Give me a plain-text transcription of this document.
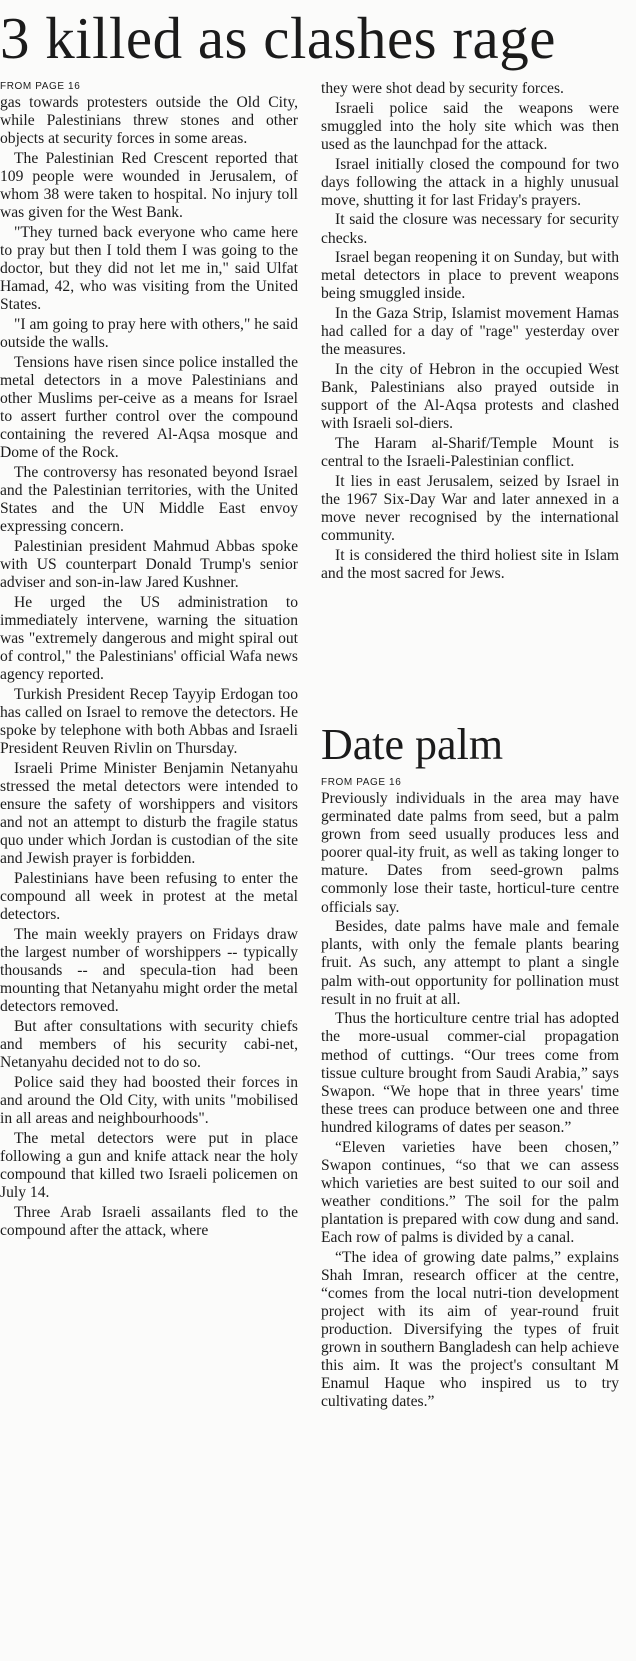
3 killed as clashes rage
FROM PAGE 16

gas towards protesters outside the Old City, while Palestinians threw stones and other objects at security forces in some areas.

The Palestinian Red Crescent reported that 109 people were wounded in Jerusalem, of whom 38 were taken to hospital. No injury toll was given for the West Bank.

"They turned back everyone who came here to pray but then I told them I was going to the doctor, but they did not let me in," said Ulfat Hamad, 42, who was visiting from the United States.

"I am going to pray here with others," he said outside the walls.

Tensions have risen since police installed the metal detectors in a move Palestinians and other Muslims per-ceive as a means for Israel to assert further control over the compound containing the revered Al-Aqsa mosque and Dome of the Rock.

The controversy has resonated beyond Israel and the Palestinian territories, with the United States and the UN Middle East envoy expressing concern.

Palestinian president Mahmud Abbas spoke with US counterpart Donald Trump's senior adviser and son-in-law Jared Kushner.

He urged the US administration to immediately intervene, warning the situation was "extremely dangerous and might spiral out of control," the Palestinians' official Wafa news agency reported.

Turkish President Recep Tayyip Erdogan too has called on Israel to remove the detectors. He spoke by telephone with both Abbas and Israeli President Reuven Rivlin on Thursday.

Israeli Prime Minister Benjamin Netanyahu stressed the metal detectors were intended to ensure the safety of worshippers and visitors and not an attempt to disturb the fragile status quo under which Jordan is custodian of the site and Jewish prayer is forbidden.

Palestinians have been refusing to enter the compound all week in protest at the metal detectors.

The main weekly prayers on Fridays draw the largest number of worshippers -- typically thousands -- and specula-tion had been mounting that Netanyahu might order the metal detectors removed.

But after consultations with security chiefs and members of his security cabi-net, Netanyahu decided not to do so.

Police said they had boosted their forces in and around the Old City, with units "mobilised in all areas and neighbourhoods".

The metal detectors were put in place following a gun and knife attack near the holy compound that killed two Israeli policemen on July 14.

Three Arab Israeli assailants fled to the compound after the attack, where

they were shot dead by security forces.

Israeli police said the weapons were smuggled into the holy site which was then used as the launchpad for the attack.

Israel initially closed the compound for two days following the attack in a highly unusual move, shutting it for last Friday's prayers.

It said the closure was necessary for security checks.

Israel began reopening it on Sunday, but with metal detectors in place to prevent weapons being smuggled inside.

In the Gaza Strip, Islamist movement Hamas had called for a day of "rage" yesterday over the measures.

In the city of Hebron in the occupied West Bank, Palestinians also prayed outside in support of the Al-Aqsa protests and clashed with Israeli sol-diers.

The Haram al-Sharif/Temple Mount is central to the Israeli-Palestinian conflict.

It lies in east Jerusalem, seized by Israel in the 1967 Six-Day War and later annexed in a move never recognised by the international community.

It is considered the third holiest site in Islam and the most sacred for Jews.

Date palm
FROM PAGE 16

Previously individuals in the area may have germinated date palms from seed, but a palm grown from seed usually produces less and poorer qual-ity fruit, as well as taking longer to mature. Dates from seed-grown palms commonly lose their taste, horticul-ture centre officials say.

Besides, date palms have male and female plants, with only the female plants bearing fruit. As such, any attempt to plant a single palm with-out opportunity for pollination must result in no fruit at all.

Thus the horticulture centre trial has adopted the more-usual commer-cial propagation method of cuttings. “Our trees come from tissue culture brought from Saudi Arabia,” says Swapon. “We hope that in three years' time these trees can produce between one and three hundred kilograms of dates per season.”

“Eleven varieties have been chosen,” Swapon continues, “so that we can assess which varieties are best suited to our soil and weather conditions.” The soil for the palm plantation is prepared with cow dung and sand. Each row of palms is divided by a canal.

“The idea of growing date palms,” explains Shah Imran, research officer at the centre, “comes from the local nutri-tion development project with its aim of year-round fruit production. Diversifying the types of fruit grown in southern Bangladesh can help achieve this aim. It was the project's consultant M Enamul Haque who inspired us to try cultivating dates.”
